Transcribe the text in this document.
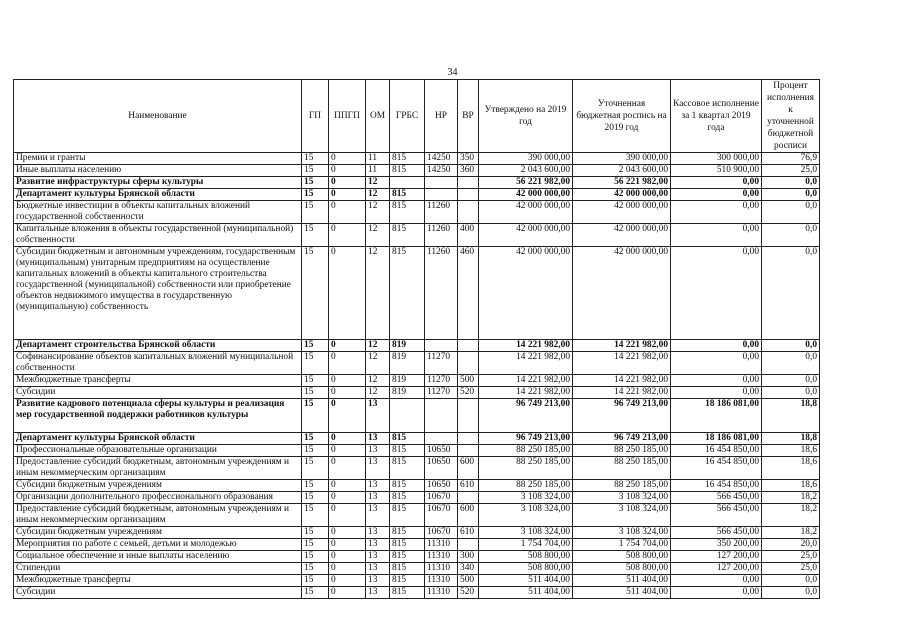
34
Наименование	ГП	ППГП	ОМ	ГРБС	НР	ВР	Утверждено на 2019 год	Уточненная бюджетная роспись на 2019 год	Кассовое исполнение за 1 квартал 2019 года	Процент исполнения к уточненной бюджетной росписи
Премии и гранты	15	0	11	815	14250	350	390 000,00	390 000,00	300 000,00	76,9
Иные выплаты населению	15	0	11	815	14250	360	2 043 600,00	2 043 600,00	510 900,00	25,0
Развитие инфраструктуры сферы культуры	15	0	12				56 221 982,00	56 221 982,00	0,00	0,0
Департамент культуры Брянской области	15	0	12	815			42 000 000,00	42 000 000,00	0,00	0,0
Бюджетные инвестиции в объекты капитальных вложений государственной собственности	15	0	12	815	11260		42 000 000,00	42 000 000,00	0,00	0,0
Капитальные вложения в объекты государственной (муниципальной) собственности	15	0	12	815	11260	400	42 000 000,00	42 000 000,00	0,00	0,0
Субсидии бюджетным и автономным учреждениям, государственным (муниципальным) унитарным предприятиям на осуществление капитальных вложений в объекты капитального строительства государственной (муниципальной) собственности или приобретение объектов недвижимого имущества в государственную (муниципальную) собственность	15	0	12	815	11260	460	42 000 000,00	42 000 000,00	0,00	0,0
Департамент строительства Брянской области	15	0	12	819			14 221 982,00	14 221 982,00	0,00	0,0
Софинансирование объектов капитальных вложений муниципальной собственности	15	0	12	819	11270		14 221 982,00	14 221 982,00	0,00	0,0
Межбюджетные трансферты	15	0	12	819	11270	500	14 221 982,00	14 221 982,00	0,00	0,0
Субсидии	15	0	12	819	11270	520	14 221 982,00	14 221 982,00	0,00	0,0
Развитие кадрового потенциала сферы культуры и реализация мер государственной поддержки работников культуры	15	0	13				96 749 213,00	96 749 213,00	18 186 081,00	18,8
Департамент культуры Брянской области	15	0	13	815			96 749 213,00	96 749 213,00	18 186 081,00	18,8
Профессиональные образовательные организации	15	0	13	815	10650		88 250 185,00	88 250 185,00	16 454 850,00	18,6
Предоставление субсидий бюджетным, автономным учреждениям и иным некоммерческим организациям	15	0	13	815	10650	600	88 250 185,00	88 250 185,00	16 454 850,00	18,6
Субсидии бюджетным учреждениям	15	0	13	815	10650	610	88 250 185,00	88 250 185,00	16 454 850,00	18,6
Организации дополнительного профессионального образования	15	0	13	815	10670		3 108 324,00	3 108 324,00	566 450,00	18,2
Предоставление субсидий бюджетным, автономным учреждениям и иным некоммерческим организациям	15	0	13	815	10670	600	3 108 324,00	3 108 324,00	566 450,00	18,2
Субсидии бюджетным учреждениям	15	0	13	815	10670	610	3 108 324,00	3 108 324,00	566 450,00	18,2
Мероприятия по работе с семьей, детьми и молодежью	15	0	13	815	11310		1 754 704,00	1 754 704,00	350 200,00	20,0
Социальное обеспечение и иные выплаты населению	15	0	13	815	11310	300	508 800,00	508 800,00	127 200,00	25,0
Стипендии	15	0	13	815	11310	340	508 800,00	508 800,00	127 200,00	25,0
Межбюджетные трансферты	15	0	13	815	11310	500	511 404,00	511 404,00	0,00	0,0
Субсидии	15	0	13	815	11310	520	511 404,00	511 404,00	0,00	0,0
